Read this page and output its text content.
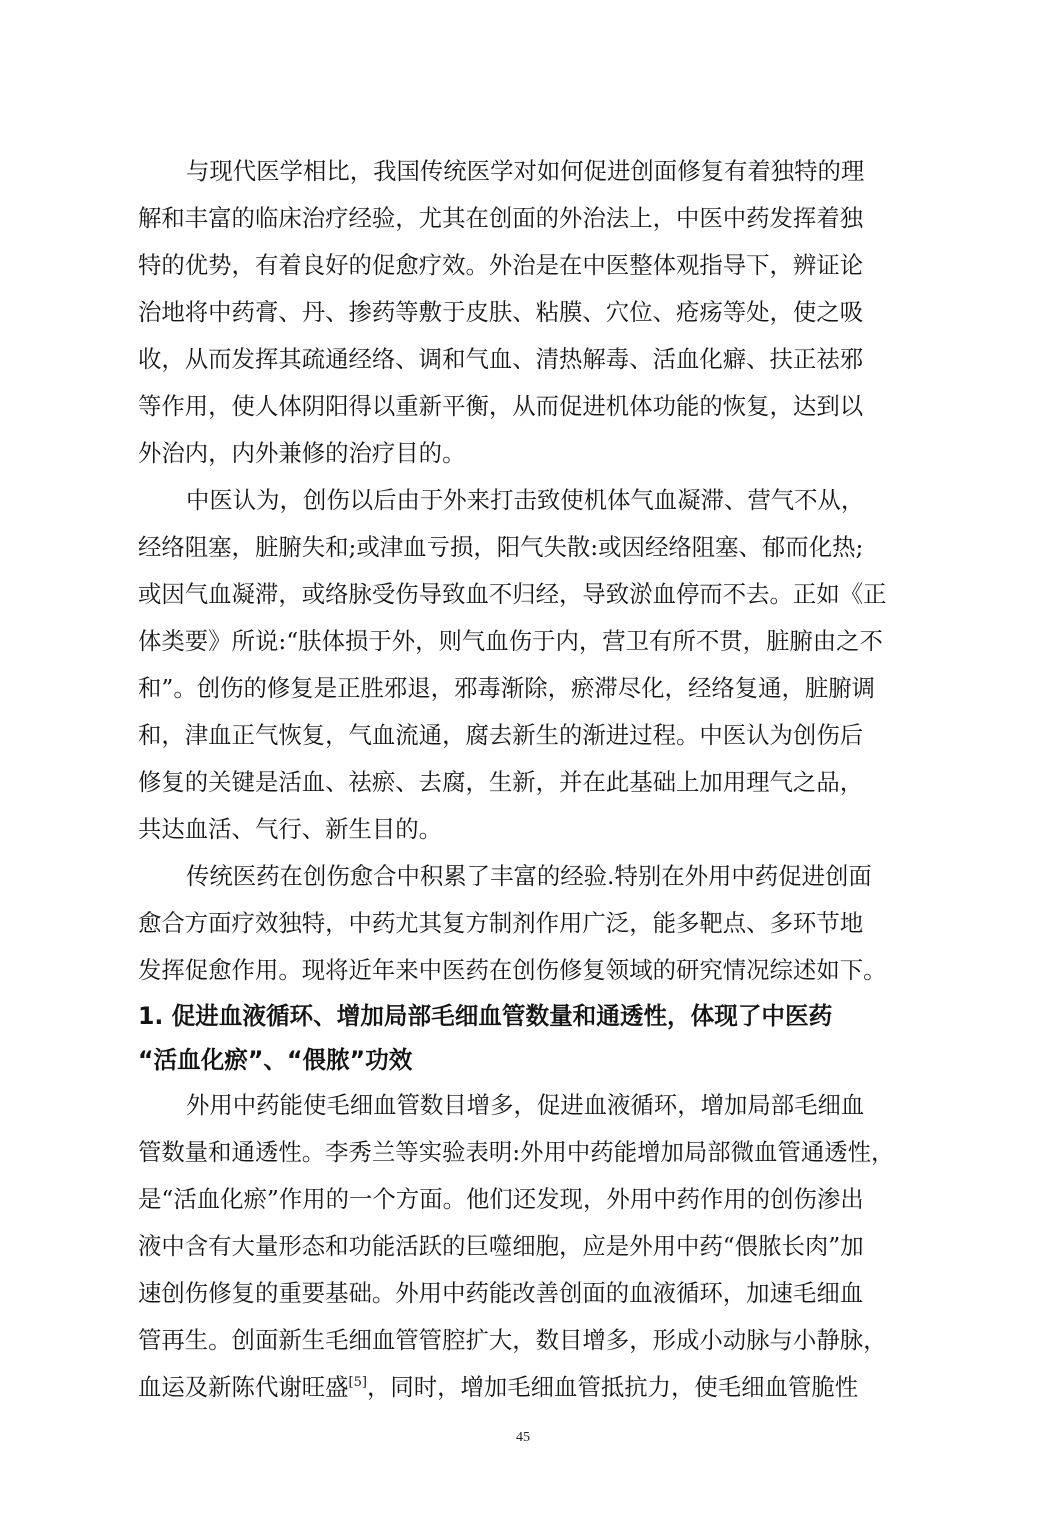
与现代医学相比，我国传统医学对如何促进创面修复有着独特的理
解和丰富的临床治疗经验，尤其在创面的外治法上，中医中药发挥着独
特的优势，有着良好的促愈疗效。外治是在中医整体观指导下，辨证论
治地将中药膏、丹、掺药等敷于皮肤、粘膜、穴位、疮疡等处，使之吸
收，从而发挥其疏通经络、调和气血、清热解毒、活血化癖、扶正祛邪
等作用，使人体阴阳得以重新平衡，从而促进机体功能的恢复，达到以
外治内，内外兼修的治疗目的。
中医认为，创伤以后由于外来打击致使机体气血凝滞、营气不从，
经络阻塞，脏腑失和;或津血亏损，阳气失散:或因经络阻塞、郁而化热;
或因气血凝滞，或络脉受伤导致血不归经，导致淤血停而不去。正如《正
体类要》所说:“肤体损于外，则气血伤于内，营卫有所不贯，脏腑由之不
和”。创伤的修复是正胜邪退，邪毒渐除，瘀滞尽化，经络复通，脏腑调
和，津血正气恢复，气血流通，腐去新生的渐进过程。中医认为创伤后
修复的关键是活血、祛瘀、去腐，生新，并在此基础上加用理气之品，
共达血活、气行、新生目的。
传统医药在创伤愈合中积累了丰富的经验.特别在外用中药促进创面
愈合方面疗效独特，中药尤其复方制剂作用广泛，能多靶点、多环节地
发挥促愈作用。现将近年来中医药在创伤修复领域的研究情况综述如下。
1. 促进血液循环、增加局部毛细血管数量和通透性，体现了中医药
“活血化瘀”、“偎脓”功效
外用中药能使毛细血管数目增多，促进血液循环，增加局部毛细血
管数量和通透性。李秀兰等实验表明:外用中药能增加局部微血管通透性，
是“活血化瘀”作用的一个方面。他们还发现，外用中药作用的创伤渗出
液中含有大量形态和功能活跃的巨噬细胞，应是外用中药“偎脓长肉”加
速创伤修复的重要基础。外用中药能改善创面的血液循环，加速毛细血
管再生。创面新生毛细血管管腔扩大，数目增多，形成小动脉与小静脉，
血运及新陈代谢旺盛[5]，同时，增加毛细血管抵抗力，使毛细血管脆性
45
